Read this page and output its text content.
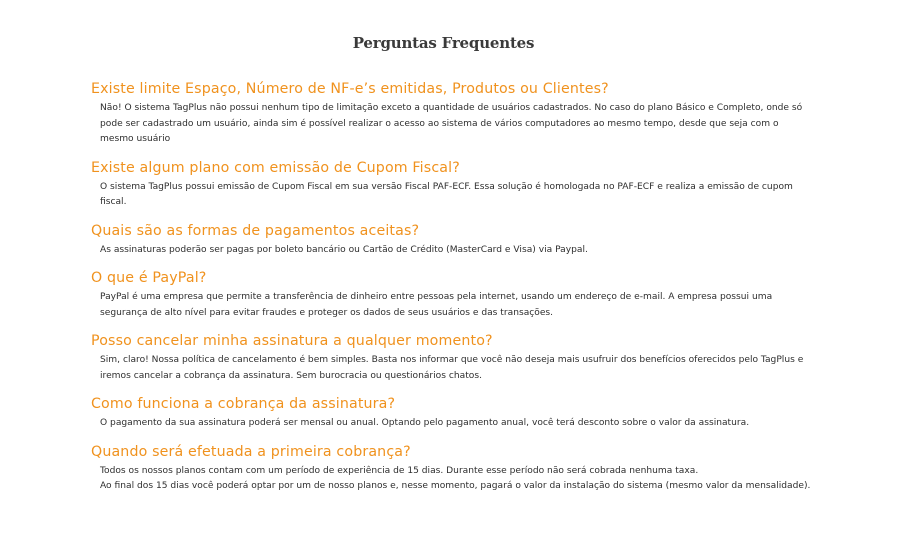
Perguntas Frequentes
Existe limite Espaço, Número de NF-e’s emitidas, Produtos ou Clientes?
Não! O sistema TagPlus não possui nenhum tipo de limitação exceto a quantidade de usuários cadastrados. No caso do plano Básico e Completo, onde só pode ser cadastrado um usuário, ainda sim é possível realizar o acesso ao sistema de vários computadores ao mesmo tempo, desde que seja com o mesmo usuário
Existe algum plano com emissão de Cupom Fiscal?
O sistema TagPlus possui emissão de Cupom Fiscal em sua versão Fiscal PAF-ECF. Essa solução é homologada no PAF-ECF e realiza a emissão de cupom fiscal.
Quais são as formas de pagamentos aceitas?
As assinaturas poderão ser pagas por boleto bancário ou Cartão de Crédito (MasterCard e Visa) via Paypal.
O que é PayPal?
PayPal é uma empresa que permite a transferência de dinheiro entre pessoas pela internet, usando um endereço de e-mail. A empresa possui uma segurança de alto nível para evitar fraudes e proteger os dados de seus usuários e das transações.
Posso cancelar minha assinatura a qualquer momento?
Sim, claro! Nossa política de cancelamento é bem simples. Basta nos informar que você não deseja mais usufruir dos benefícios oferecidos pelo TagPlus e iremos cancelar a cobrança da assinatura. Sem burocracia ou questionários chatos.
Como funciona a cobrança da assinatura?
O pagamento da sua assinatura poderá ser mensal ou anual. Optando pelo pagamento anual, você terá desconto sobre o valor da assinatura.
Quando será efetuada a primeira cobrança?
Todos os nossos planos contam com um período de experiência de 15 dias. Durante esse período não será cobrada nenhuma taxa.
Ao final dos 15 dias você poderá optar por um de nosso planos e, nesse momento, pagará o valor da instalação do sistema (mesmo valor da mensalidade).
